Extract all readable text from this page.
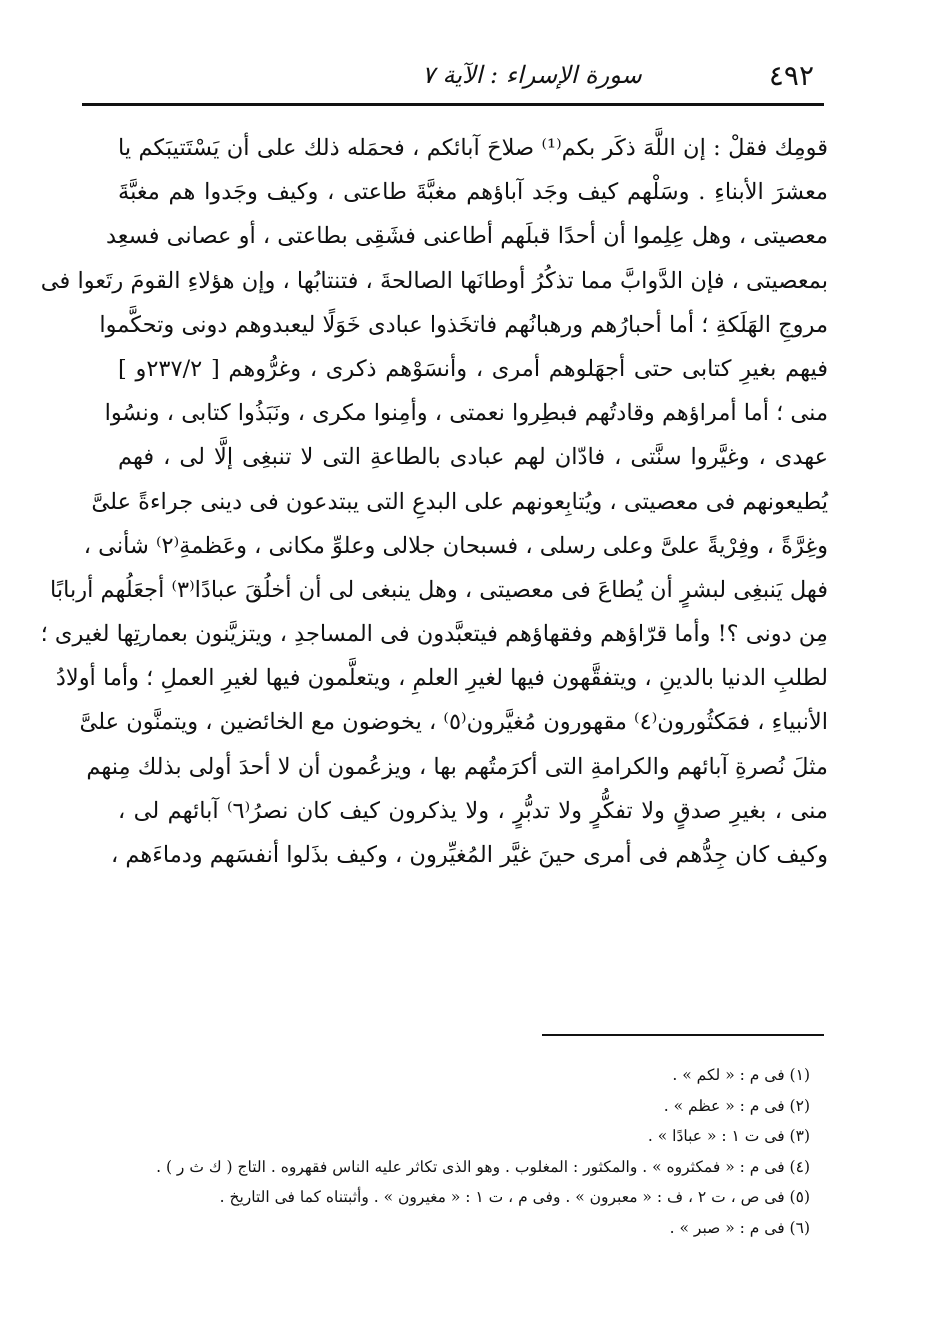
٤٩٢
سورة الإسراء : الآية ٧
قومِك فقلْ : إن اللَّهَ ذكَر بكم⁽¹⁾ صلاحَ آبائكم ، فحمَله ذلك على أن يَسْتَتيبَكم يا
معشرَ الأبناءِ . وسَلْهم كيف وجَد آباؤهم مغبَّةَ طاعتى ، وكيف وجَدوا هم مغبَّةَ
معصيتى ، وهل عِلِموا أن أحدًا قبلَهم أطاعنى فشَقِى بطاعتى ، أو عصانى فسعِد
بمعصيتى ، فإن الدَّوابَّ مما تذكُرُ أوطانَها الصالحةَ ، فتنتابُها ، وإن هؤلاءِ القومَ رتَعوا فى
مروجِ الهَلَكةِ ؛ أما أحبارُهم ورهبانُهم فاتخَذوا عبادى خَوَلًا ليعبدوهم دونى وتحكَّموا
فيهم بغيرِ كتابى حتى أجهَلوهم أمرى ، وأنسَوْهم ذكرى ، وغرُّوهم [ ٢٣٧/٢و ]
منى ؛ أما أمراؤهم وقادتُهم فبطِروا نعمتى ، وأمِنوا مكرى ، ونَبَذُوا كتابى ، ونسُوا
عهدى ، وغيَّروا سنَّتى ، فادّان لهم عبادى بالطاعةِ التى لا تنبغِى إلَّا لى ، فهم
يُطيعونهم فى معصيتى ، ويُتابِعونهم على البدعِ التى يبتدعون فى دينى جراءةً علىَّ
وغِرَّةً ، وفِرْيةً علىَّ وعلى رسلى ، فسبحان جلالى وعلوِّ مكانى ، وعَظمةِ⁽٢⁾ شأنى ،
فهل يَنبغِى لبشرٍ أن يُطاعَ فى معصيتى ، وهل ينبغى لى أن أخلُقَ عبادًا⁽٣⁾ أجعَلُهم أربابًا
مِن دونى ؟! وأما قرّاؤهم وفقهاؤهم فيتعبَّدون فى المساجدِ ، ويتزيَّنون بعمارتِها لغيرى ؛
لطلبِ الدنيا بالدينِ ، ويتفقَّهون فيها لغيرِ العلمِ ، ويتعلَّمون فيها لغيرِ العملِ ؛ وأما أولادُ
الأنبياءِ ، فمَكثُورون⁽٤⁾ مقهورون مُغيَّرون⁽٥⁾ ، يخوضون مع الخائضين ، ويتمنَّون علىَّ
مثلَ نُصرةِ آبائهم والكرامةِ التى أكرَمتُهم بها ، ويزعُمون أن لا أحدَ أولى بذلك مِنهم
منى ، بغيرِ صدقٍ ولا تفكُّرٍ ولا تدبُّرٍ ، ولا يذكرون كيف كان نصرُ⁽٦⁾ آبائهم لى ،
وكيف كان جِدُّهم فى أمرى حينَ غيَّر المُغيِّرون ، وكيف بذَلوا أنفسَهم ودماءَهم ،
(١) فى م : « لكم » .
(٢) فى م : « عظم » .
(٣) فى ت ١ : « عبادًا » .
(٤) فى م : « فمكثروه » . والمكثور : المغلوب . وهو الذى تكاثر عليه الناس فقهروه . التاج ( ك ث ر ) .
(٥) فى ص ، ت ٢ ، ف : « معبرون » . وفى م ، ت ١ : « مغيرون » . وأثبتناه كما فى التاريخ .
(٦) فى م : « صبر » .
